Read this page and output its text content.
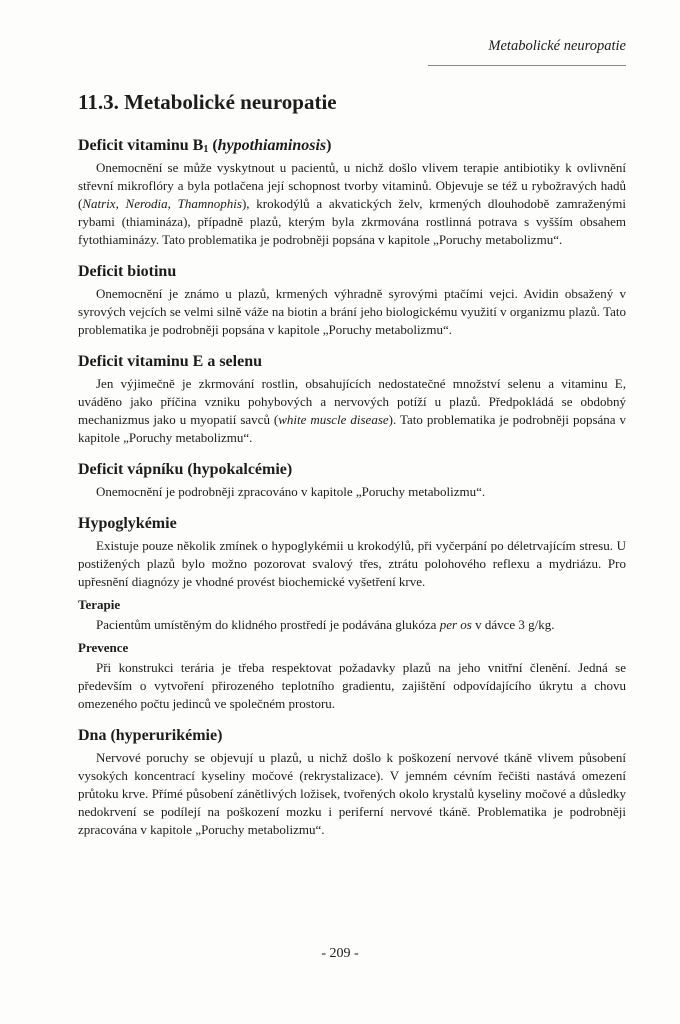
Metabolické neuropatie
11.3. Metabolické neuropatie
Deficit vitaminu $B_1$ (hypothiaminosis)

Onemocnění se může vyskytnout u pacientů, u nichž došlo vlivem terapie antibiotiky k ovlivnění střevní mikroflóry a byla potlačena její schopnost tvorby vitaminů. Objevuje se též u rybožravých hadů (Natrix, Nerodia, Thamnophis), krokodýlů a akvatických želv, krmených dlouhodobě zamraženými rybami (thiamináza), případně plazů, kterým byla zkrmována rostlinná potrava s vyšším obsahem fytothiaminázy. Tato problematika je podrobněji popsána v kapitole „Poruchy metabolizmu“.

Deficit biotinu

Onemocnění je známo u plazů, krmených výhradně syrovými ptačími vejci. Avidin obsažený v syrových vejcích se velmi silně váže na biotin a brání jeho biologickému využití v organizmu plazů. Tato problematika je podrobněji popsána v kapitole „Poruchy metabolizmu“.

Deficit vitaminu E a selenu

Jen výjimečně je zkrmování rostlin, obsahujících nedostatečné množství selenu a vitaminu E, uváděno jako příčina vzniku pohybových a nervových potíží u plazů. Předpokládá se obdobný mechanizmus jako u myopatií savců (white muscle disease). Tato problematika je podrobněji popsána v kapitole „Poruchy metabolizmu“.

Deficit vápníku (hypokalcémie)

Onemocnění je podrobněji zpracováno v kapitole „Poruchy metabolizmu“.

Hypoglykémie

Existuje pouze několik zmínek o hypoglykémii u krokodýlů, při vyčerpání po déletrvajícím stresu. U postižených plazů bylo možno pozorovat svalový třes, ztrátu polohového reflexu a mydriázu. Pro upřesnění diagnózy je vhodné provést biochemické vyšetření krve.

Terapie

Pacientům umístěným do klidného prostředí je podávána glukóza per os v dávce 3 g/kg.

Prevence

Při konstrukci terária je třeba respektovat požadavky plazů na jeho vnitřní členění. Jedná se především o vytvoření přirozeného teplotního gradientu, zajištění odpovídajícího úkrytu a chovu omezeného počtu jedinců ve společném prostoru.

Dna (hyperurikémie)

Nervové poruchy se objevují u plazů, u nichž došlo k poškození nervové tkáně vlivem působení vysokých koncentrací kyseliny močové (rekrystalizace). V jemném cévním řečišti nastává omezení průtoku krve. Přímé působení zánětlivých ložisek, tvořených okolo krystalů kyseliny močové a důsledky nedokrvení se podílejí na poškození mozku i periferní nervové tkáně. Problematika je podrobněji zpracována v kapitole „Poruchy metabolizmu“.

- 209 -
